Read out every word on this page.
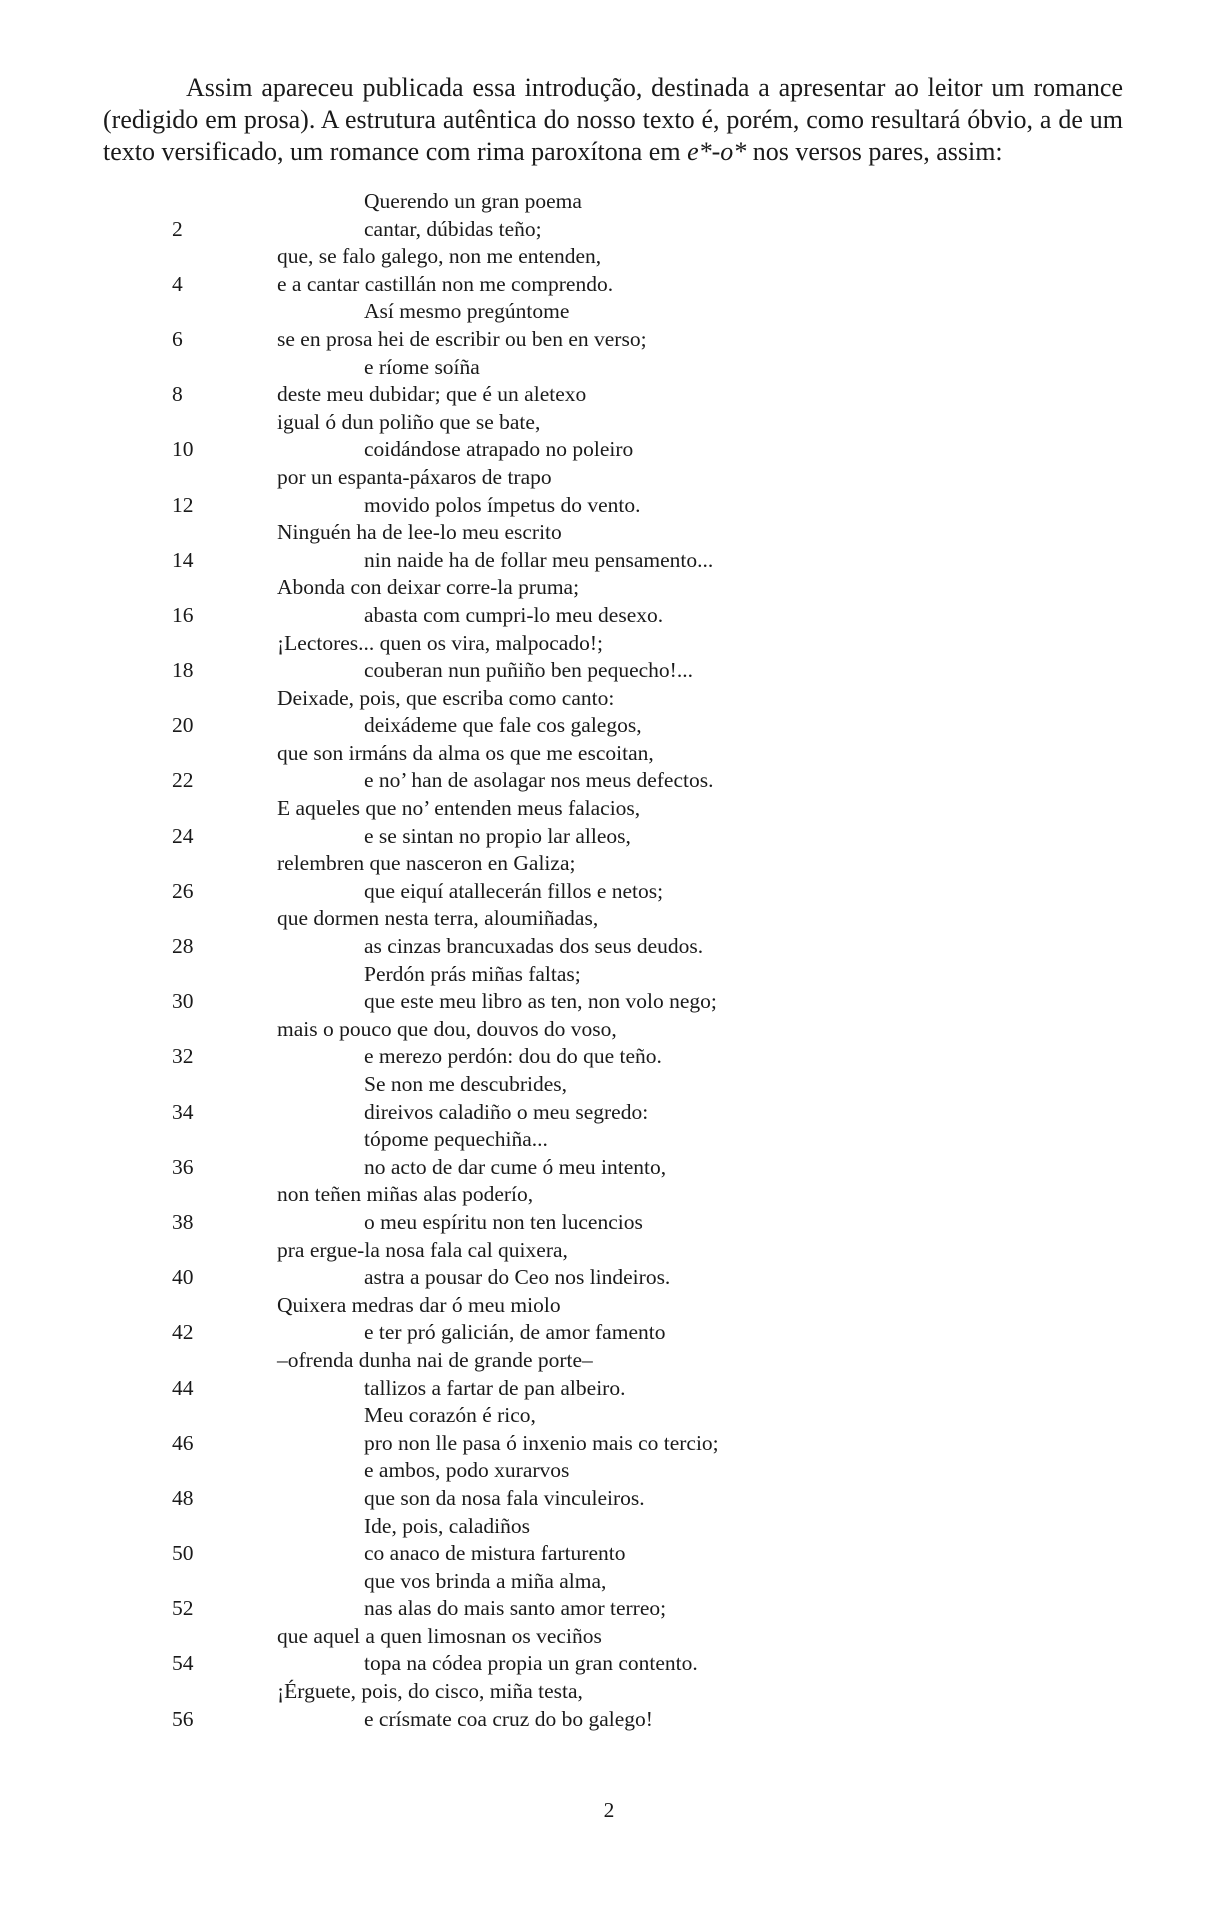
Assim apareceu publicada essa introdução, destinada a apresentar ao leitor um romance (redigido em prosa). A estrutura autêntica do nosso texto é, porém, como resultará óbvio, a de um texto versificado, um romance com rima paroxítona em e*-o* nos versos pares, assim:

Querendo un gran poema
2	cantar, dúbidas teño;
que, se falo galego, non me entenden,
4	e a cantar castillán non me comprendo.
Así mesmo pregúntome
6	se en prosa hei de escribir ou ben en verso;
e ríome soíña
8	deste meu dubidar; que é un aletexo
igual ó dun poliño que se bate,
10	coidándose atrapado no poleiro
por un espanta-páxaros de trapo
12	movido polos ímpetus do vento.
Ninguén ha de lee-lo meu escrito
14	nin naide ha de follar meu pensamento...
Abonda con deixar corre-la pruma;
16	abasta com cumpri-lo meu desexo.
¡Lectores... quen os vira, malpocado!;
18	couberan nun puñiño ben pequecho!...
Deixade, pois, que escriba como canto:
20	deixádeme que fale cos galegos,
que son irmáns da alma os que me escoitan,
22	e no’ han de asolagar nos meus defectos.
E aqueles que no’ entenden meus falacios,
24	e se sintan no propio lar alleos,
relembren que nasceron en Galiza;
26	que eiquí atallecerán fillos e netos;
que dormen nesta terra, aloumiñadas,
28	as cinzas brancuxadas dos seus deudos.
Perdón prás miñas faltas;
30	que este meu libro as ten, non volo nego;
mais o pouco que dou, douvos do voso,
32	e merezo perdón: dou do que teño.
Se non me descubrides,
34	direivos caladiño o meu segredo:
tópome pequechiña...
36	no acto de dar cume ó meu intento,
non teñen miñas alas poderío,
38	o meu espíritu non ten lucencios
pra ergue-la nosa fala cal quixera,
40	astra a pousar do Ceo nos lindeiros.
Quixera medras dar ó meu miolo
42	e ter pró galicián, de amor famento
–ofrenda dunha nai de grande porte–
44	tallizos a fartar de pan albeiro.
Meu corazón é rico,
46	pro non lle pasa ó inxenio mais co tercio;
e ambos, podo xurarvos
48	que son da nosa fala vinculeiros.
Ide, pois, caladiños
50	co anaco de mistura farturento
que vos brinda a miña alma,
52	nas alas do mais santo amor terreo;
que aquel a quen limosnan os veciños
54	topa na códea propia un gran contento.
¡Érguete, pois, do cisco, miña testa,
56	e crísmate coa cruz do bo galego!
2
